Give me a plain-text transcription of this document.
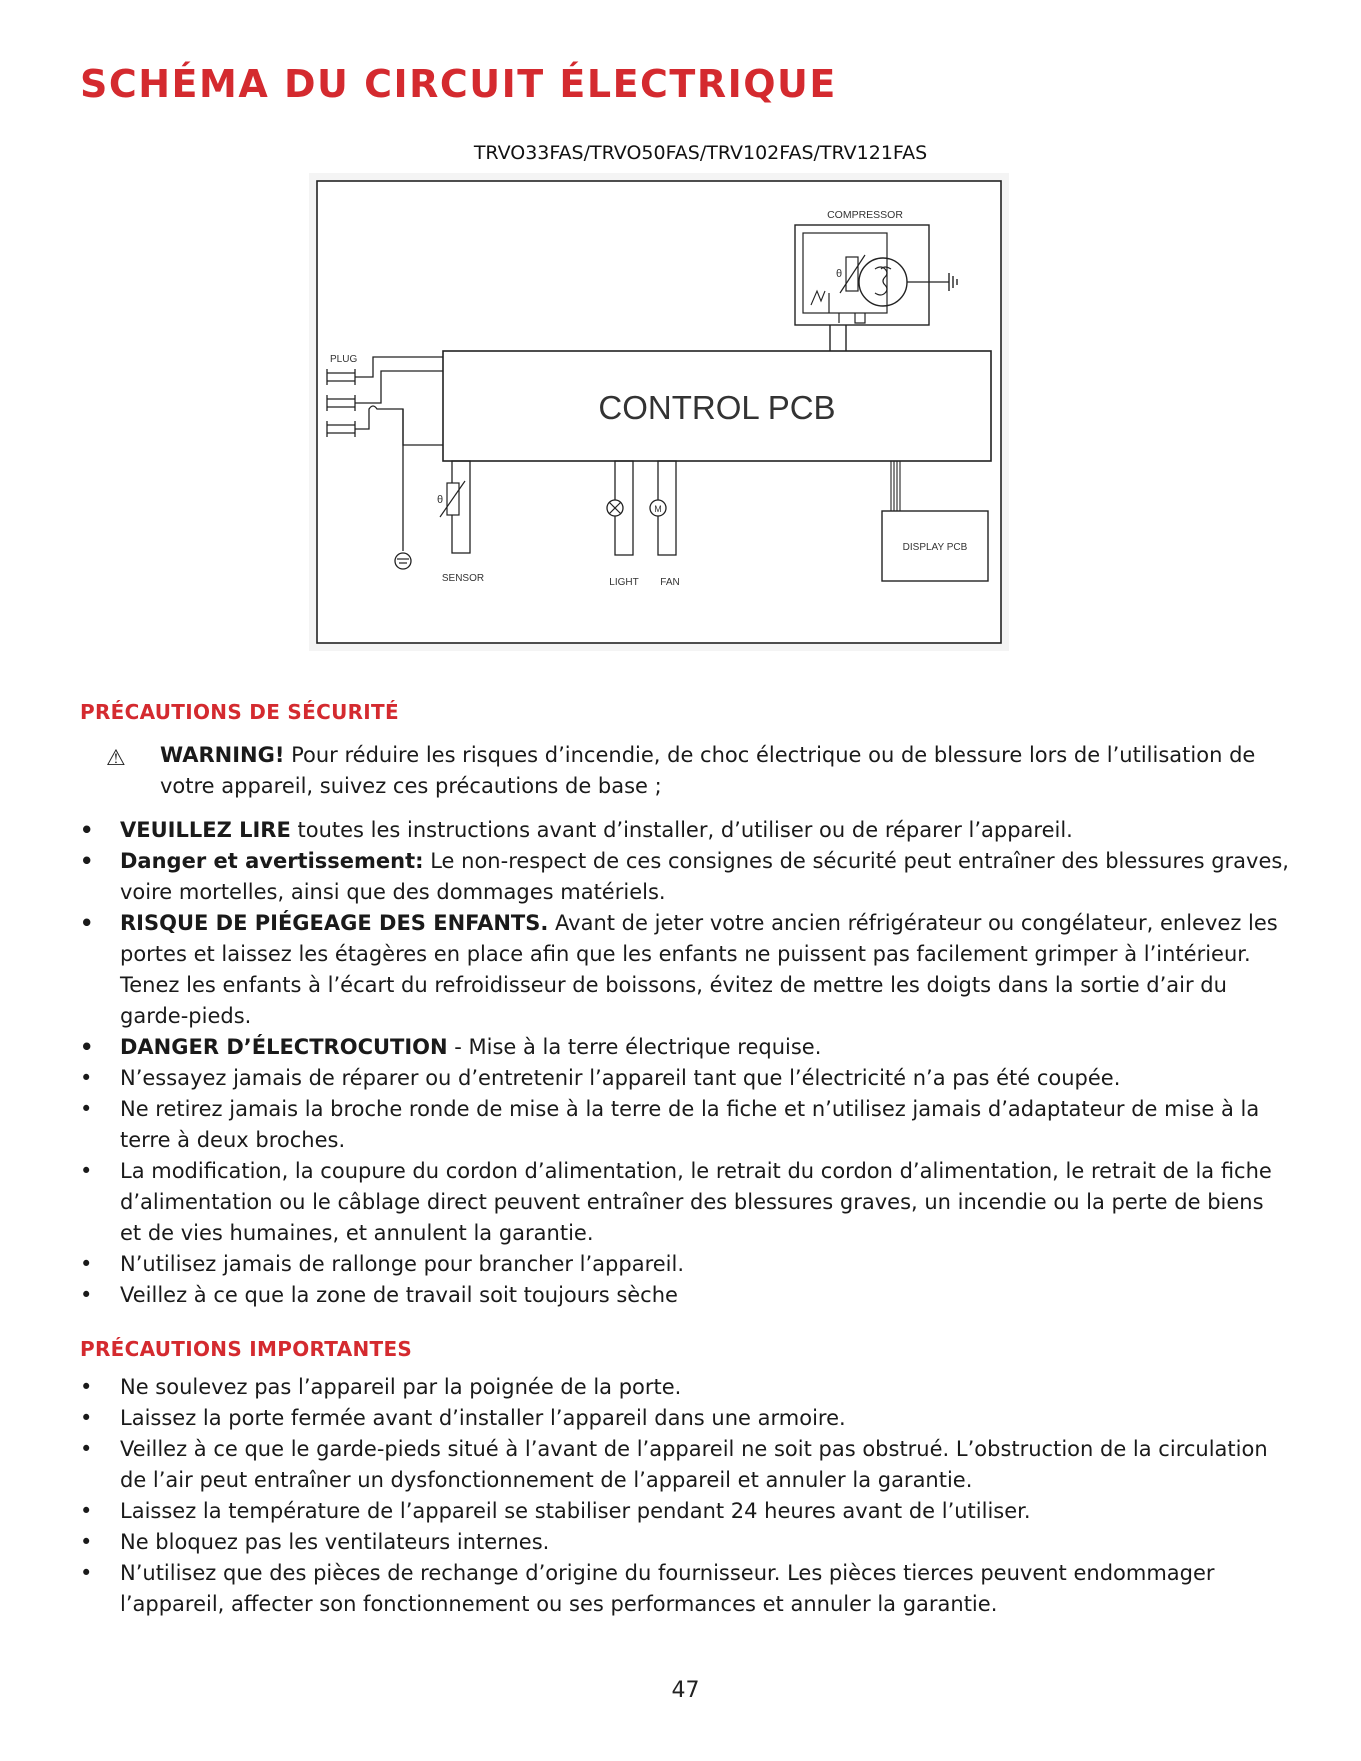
SCHÉMA DU CIRCUIT ÉLECTRIQUE
TRVO33FAS/TRVO50FAS/TRV102FAS/TRV121FAS
CONTROL PCB
COMPRESSOR
θ
PLUG
θ
SENSOR	LIGHT
M
FAN
DISPLAY PCB
PRÉCAUTIONS DE SÉCURITÉ
⚠ WARNING! Pour réduire les risques d’incendie, de choc électrique ou de blessure lors de l’utilisation de votre appareil, suivez ces précautions de base ;

•	VEUILLEZ LIRE toutes les instructions avant d’installer, d’utiliser ou de réparer l’appareil.
•	Danger et avertissement: Le non-respect de ces consignes de sécurité peut entraîner des blessures graves, voire mortelles, ainsi que des dommages matériels.
•	RISQUE DE PIÉGEAGE DES ENFANTS. Avant de jeter votre ancien réfrigérateur ou congélateur, enlevez les portes et laissez les étagères en place afin que les enfants ne puissent pas facilement grimper à l’intérieur. Tenez les enfants à l’écart du refroidisseur de boissons, évitez de mettre les doigts dans la sortie d’air du garde-pieds.
•	DANGER D’ÉLECTROCUTION - Mise à la terre électrique requise.
•	N’essayez jamais de réparer ou d’entretenir l’appareil tant que l’électricité n’a pas été coupée.
•	Ne retirez jamais la broche ronde de mise à la terre de la fiche et n’utilisez jamais d’adaptateur de mise à la terre à deux broches.
•	La modification, la coupure du cordon d’alimentation, le retrait du cordon d’alimentation, le retrait de la fiche d’alimentation ou le câblage direct peuvent entraîner des blessures graves, un incendie ou la perte de biens et de vies humaines, et annulent la garantie.
•	N’utilisez jamais de rallonge pour brancher l’appareil.
•	Veillez à ce que la zone de travail soit toujours sèche
PRÉCAUTIONS IMPORTANTES
•	Ne soulevez pas l’appareil par la poignée de la porte.
•	Laissez la porte fermée avant d’installer l’appareil dans une armoire.
•	Veillez à ce que le garde-pieds situé à l’avant de l’appareil ne soit pas obstrué. L’obstruction de la circulation de l’air peut entraîner un dysfonctionnement de l’appareil et annuler la garantie.
•	Laissez la température de l’appareil se stabiliser pendant 24 heures avant de l’utiliser.
•	Ne bloquez pas les ventilateurs internes.
•	N’utilisez que des pièces de rechange d’origine du fournisseur. Les pièces tierces peuvent endommager l’appareil, affecter son fonctionnement ou ses performances et annuler la garantie.
47
